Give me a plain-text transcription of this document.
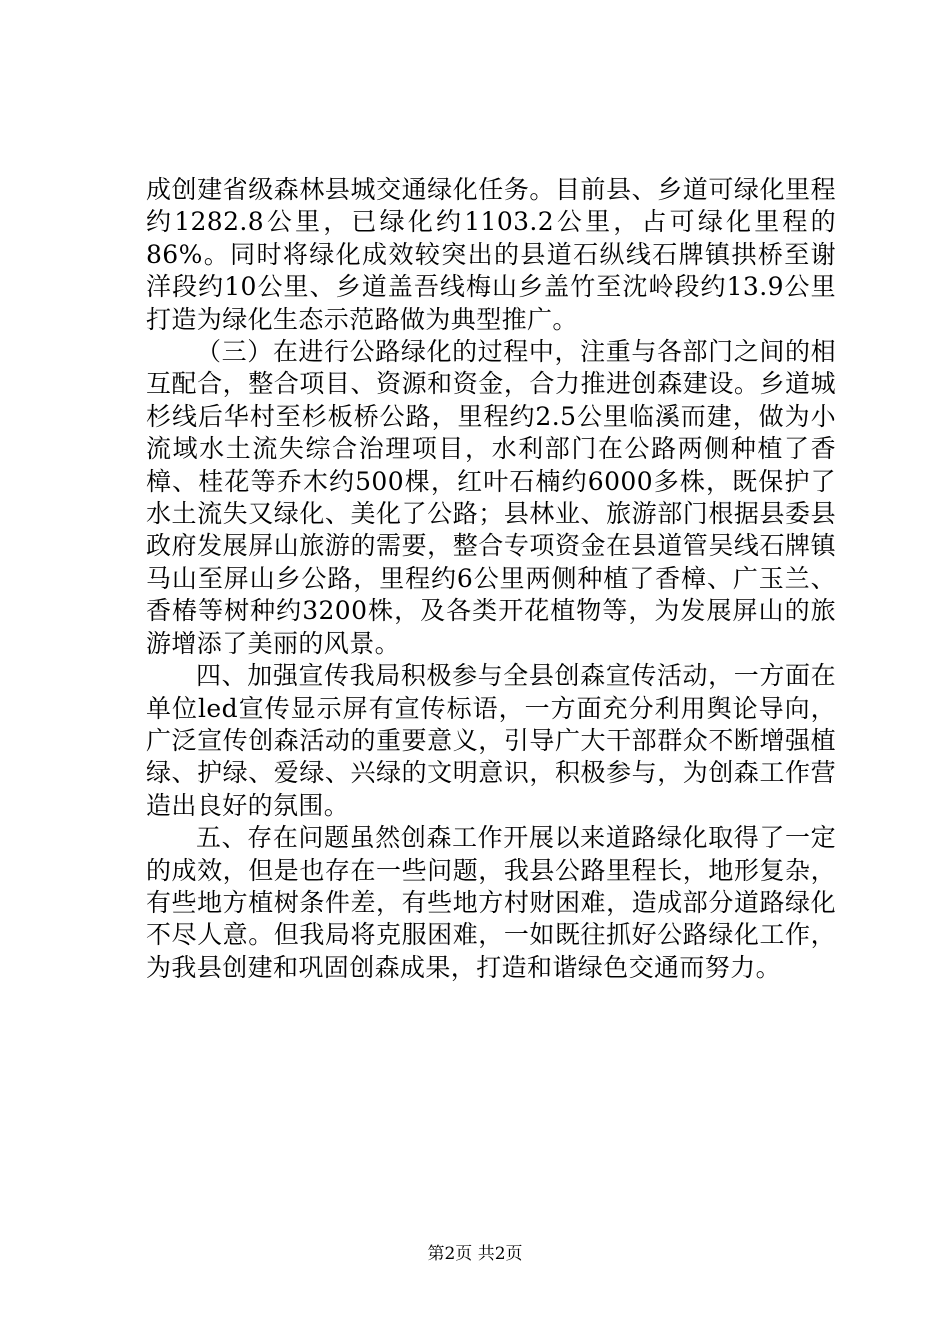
成创建省级森林县城交通绿化任务。目前县、乡道可绿化里程约1282.8公里，已绿化约1103.2公里，占可绿化里程的86%。同时将绿化成效较突出的县道石纵线石牌镇拱桥至谢洋段约10公里、乡道盖吾线梅山乡盖竹至沈岭段约13.9公里打造为绿化生态示范路做为典型推广。

（三）在进行公路绿化的过程中，注重与各部门之间的相互配合，整合项目、资源和资金，合力推进创森建设。乡道城杉线后华村至杉板桥公路，里程约2.5公里临溪而建，做为小流域水土流失综合治理项目，水利部门在公路两侧种植了香樟、桂花等乔木约500棵，红叶石楠约6000多株，既保护了水土流失又绿化、美化了公路；县林业、旅游部门根据县委县政府发展屏山旅游的需要，整合专项资金在县道管吴线石牌镇马山至屏山乡公路，里程约6公里两侧种植了香樟、广玉兰、香椿等树种约3200株，及各类开花植物等，为发展屏山的旅游增添了美丽的风景。

四、加强宣传我局积极参与全县创森宣传活动，一方面在单位led宣传显示屏有宣传标语，一方面充分利用舆论导向，广泛宣传创森活动的重要意义，引导广大干部群众不断增强植绿、护绿、爱绿、兴绿的文明意识，积极参与，为创森工作营造出良好的氛围。

五、存在问题虽然创森工作开展以来道路绿化取得了一定的成效，但是也存在一些问题，我县公路里程长，地形复杂，有些地方植树条件差，有些地方村财困难，造成部分道路绿化不尽人意。但我局将克服困难，一如既往抓好公路绿化工作，为我县创建和巩固创森成果，打造和谐绿色交通而努力。

第2页 共2页
